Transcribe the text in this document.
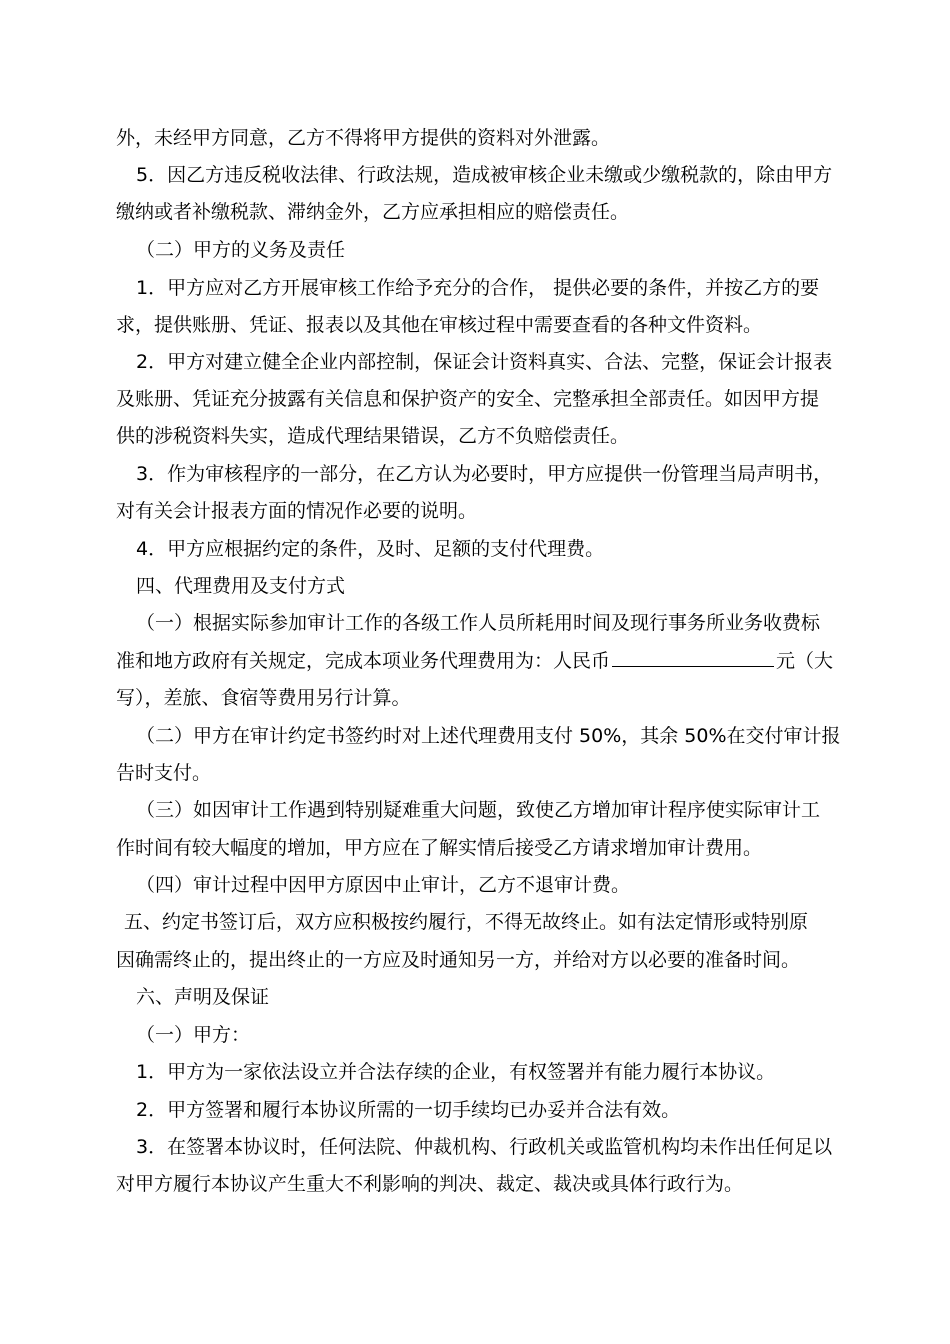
外，未经甲方同意，乙方不得将甲方提供的资料对外泄露。
5．因乙方违反税收法律、行政法规，造成被审核企业未缴或少缴税款的，除由甲方
缴纳或者补缴税款、滞纳金外，乙方应承担相应的赔偿责任。
（二）甲方的义务及责任
1．甲方应对乙方开展审核工作给予充分的合作， 提供必要的条件，并按乙方的要
求，提供账册、凭证、报表以及其他在审核过程中需要查看的各种文件资料。
2．甲方对建立健全企业内部控制，保证会计资料真实、合法、完整，保证会计报表
及账册、凭证充分披露有关信息和保护资产的安全、完整承担全部责任。如因甲方提
供的涉税资料失实，造成代理结果错误，乙方不负赔偿责任。
3．作为审核程序的一部分，在乙方认为必要时，甲方应提供一份管理当局声明书，
对有关会计报表方面的情况作必要的说明。
4．甲方应根据约定的条件，及时、足额的支付代理费。
四、代理费用及支付方式
（一）根据实际参加审计工作的各级工作人员所耗用时间及现行事务所业务收费标
准和地方政府有关规定，完成本项业务代理费用为：人民币	元（大
写），差旅、食宿等费用另行计算。
（二）甲方在审计约定书签约时对上述代理费用支付 50%，其余 50%在交付审计报
告时支付。
（三）如因审计工作遇到特别疑难重大问题，致使乙方增加审计程序使实际审计工
作时间有较大幅度的增加，甲方应在了解实情后接受乙方请求增加审计费用。
（四）审计过程中因甲方原因中止审计，乙方不退审计费。
五、约定书签订后，双方应积极按约履行，不得无故终止。如有法定情形或特别原
因确需终止的，提出终止的一方应及时通知另一方，并给对方以必要的准备时间。
六、声明及保证
（一）甲方：
1．甲方为一家依法设立并合法存续的企业，有权签署并有能力履行本协议。
2．甲方签署和履行本协议所需的一切手续均已办妥并合法有效。
3．在签署本协议时，任何法院、仲裁机构、行政机关或监管机构均未作出任何足以
对甲方履行本协议产生重大不利影响的判决、裁定、裁决或具体行政行为。
